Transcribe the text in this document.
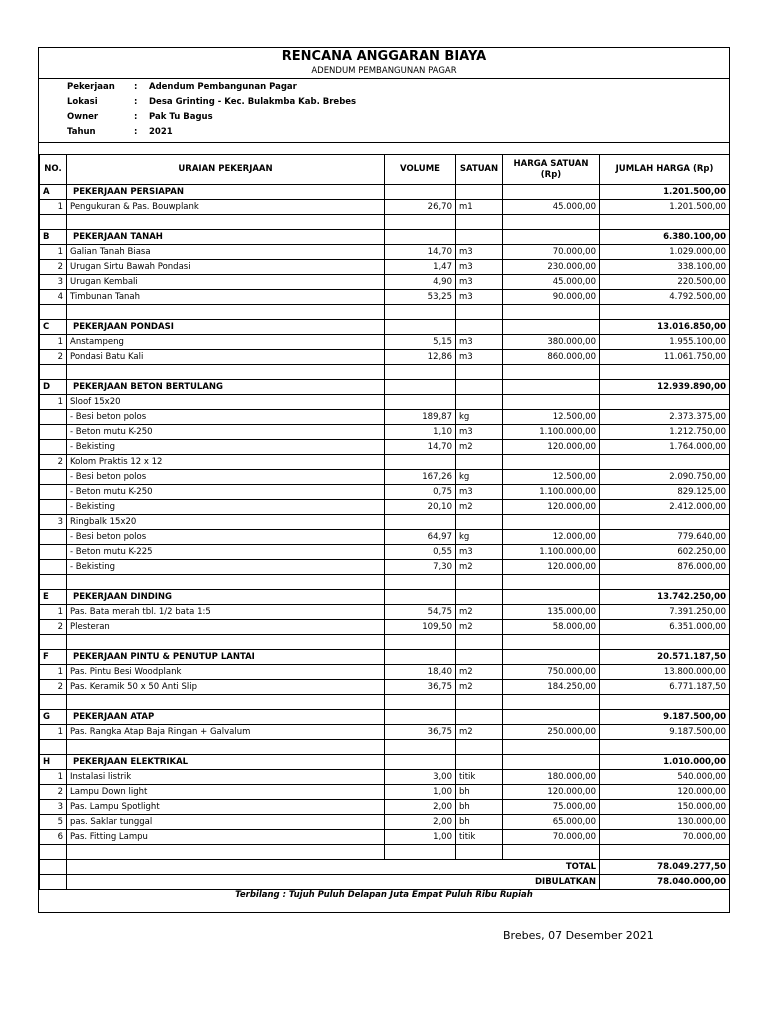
RENCANA ANGGARAN BIAYA
ADENDUM PEMBANGUNAN PAGAR
Pekerjaan	: Adendum Pembangunan Pagar
Lokasi	: Desa Grinting - Kec. Bulakmba Kab. Brebes
Owner	: Pak Tu Bagus
Tahun	: 2021
NO.	URAIAN PEKERJAAN	VOLUME	SATUAN	HARGA SATUAN (Rp)	JUMLAH HARGA (Rp)
A	PEKERJAAN PERSIAPAN				1.201.500,00
1	Pengukuran & Pas. Bouwplank	26,70	m1	45.000,00	1.201.500,00

B	PEKERJAAN TANAH				6.380.100,00
1	Galian Tanah Biasa	14,70	m3	70.000,00	1.029.000,00
2	Urugan Sirtu Bawah Pondasi	1,47	m3	230.000,00	338.100,00
3	Urugan Kembali	4,90	m3	45.000,00	220.500,00
4	Timbunan Tanah	53,25	m3	90.000,00	4.792.500,00

C	PEKERJAAN PONDASI				13.016.850,00
1	Anstampeng	5,15	m3	380.000,00	1.955.100,00
2	Pondasi Batu Kali	12,86	m3	860.000,00	11.061.750,00

D	PEKERJAAN BETON BERTULANG				12.939.890,00
1	Sloof 15x20				
	- Besi beton polos	189,87	kg	12.500,00	2.373.375,00
	- Beton mutu K-250	1,10	m3	1.100.000,00	1.212.750,00
	- Bekisting	14,70	m2	120.000,00	1.764.000,00
2	Kolom Praktis 12 x 12				
	- Besi beton polos	167,26	kg	12.500,00	2.090.750,00
	- Beton mutu K-250	0,75	m3	1.100.000,00	829.125,00
	- Bekisting	20,10	m2	120.000,00	2.412.000,00
3	Ringbalk 15x20				
	- Besi beton polos	64,97	kg	12.000,00	779.640,00
	- Beton mutu K-225	0,55	m3	1.100.000,00	602.250,00
	- Bekisting	7,30	m2	120.000,00	876.000,00

E	PEKERJAAN DINDING				13.742.250,00
1	Pas. Bata merah tbl. 1/2 bata 1:5	54,75	m2	135.000,00	7.391.250,00
2	Plesteran	109,50	m2	58.000,00	6.351.000,00

F	PEKERJAAN PINTU & PENUTUP LANTAI				20.571.187,50
1	Pas. Pintu Besi Woodplank	18,40	m2	750.000,00	13.800.000,00
2	Pas. Keramik 50 x 50 Anti Slip	36,75	m2	184.250,00	6.771.187,50

G	PEKERJAAN ATAP				9.187.500,00
1	Pas. Rangka Atap Baja Ringan + Galvalum	36,75	m2	250.000,00	9.187.500,00

H	PEKERJAAN ELEKTRIKAL				1.010.000,00
1	Instalasi listrik	3,00	titik	180.000,00	540.000,00
2	Lampu Down light	1,00	bh	120.000,00	120.000,00
3	Pas. Lampu Spotlight	2,00	bh	75.000,00	150.000,00
5	pas. Saklar tunggal	2,00	bh	65.000,00	130.000,00
6	Pas. Fitting Lampu	1,00	titik	70.000,00	70.000,00

	TOTAL				78.049.277,50
	DIBULATKAN				78.040.000,00
Terbilang : Tujuh Puluh Delapan Juta Empat Puluh Ribu Rupiah
Brebes, 07 Desember 2021
